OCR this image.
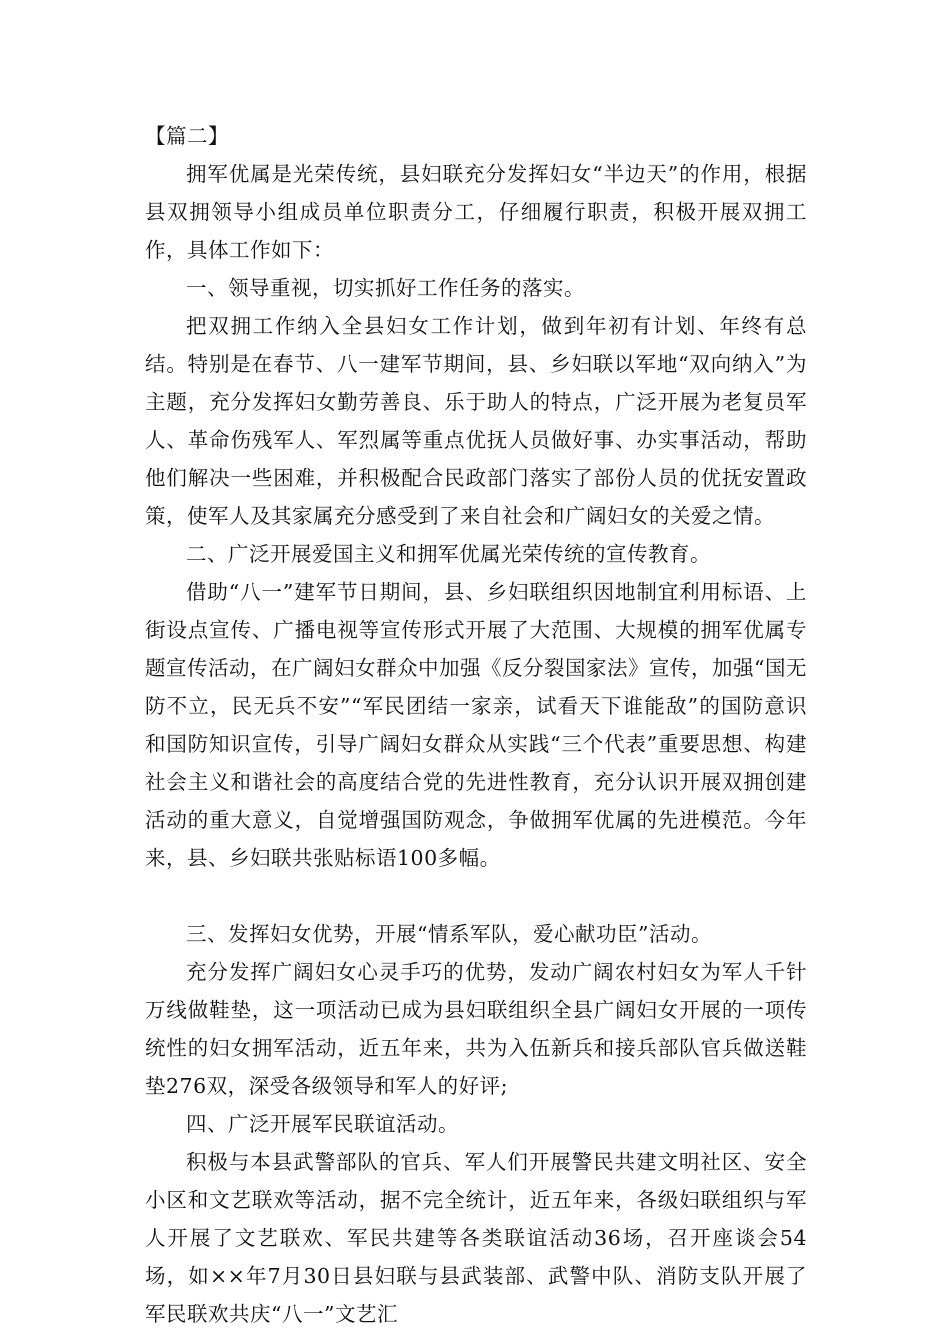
【篇二】

拥军优属是光荣传统，县妇联充分发挥妇女“半边天”的作用，根据县双拥领导小组成员单位职责分工，仔细履行职责，积极开展双拥工作，具体工作如下：

一、领导重视，切实抓好工作任务的落实。

把双拥工作纳入全县妇女工作计划，做到年初有计划、年终有总结。特别是在春节、八一建军节期间，县、乡妇联以军地“双向纳入”为主题，充分发挥妇女勤劳善良、乐于助人的特点，广泛开展为老复员军人、革命伤残军人、军烈属等重点优抚人员做好事、办实事活动，帮助他们解决一些困难，并积极配合民政部门落实了部份人员的优抚安置政策，使军人及其家属充分感受到了来自社会和广阔妇女的关爱之情。

二、广泛开展爱国主义和拥军优属光荣传统的宣传教育。

借助“八一”建军节日期间，县、乡妇联组织因地制宜利用标语、上街设点宣传、广播电视等宣传形式开展了大范围、大规模的拥军优属专题宣传活动，在广阔妇女群众中加强《反分裂国家法》宣传，加强“国无防不立，民无兵不安”“军民团结一家亲，试看天下谁能敌”的国防意识和国防知识宣传，引导广阔妇女群众从实践“三个代表”重要思想、构建社会主义和谐社会的高度结合党的先进性教育，充分认识开展双拥创建活动的重大意义，自觉增强国防观念，争做拥军优属的先进模范。今年来，县、乡妇联共张贴标语100多幅。

三、发挥妇女优势，开展“情系军队，爱心献功臣”活动。

充分发挥广阔妇女心灵手巧的优势，发动广阔农村妇女为军人千针万线做鞋垫，这一项活动已成为县妇联组织全县广阔妇女开展的一项传统性的妇女拥军活动，近五年来，共为入伍新兵和接兵部队官兵做送鞋垫276双，深受各级领导和军人的好评;

四、广泛开展军民联谊活动。

积极与本县武警部队的官兵、军人们开展警民共建文明社区、安全小区和文艺联欢等活动，据不完全统计，近五年来，各级妇联组织与军人开展了文艺联欢、军民共建等各类联谊活动36场，召开座谈会54场，如××年7月30日县妇联与县武装部、武警中队、消防支队开展了军民联欢共庆“八一”文艺汇
